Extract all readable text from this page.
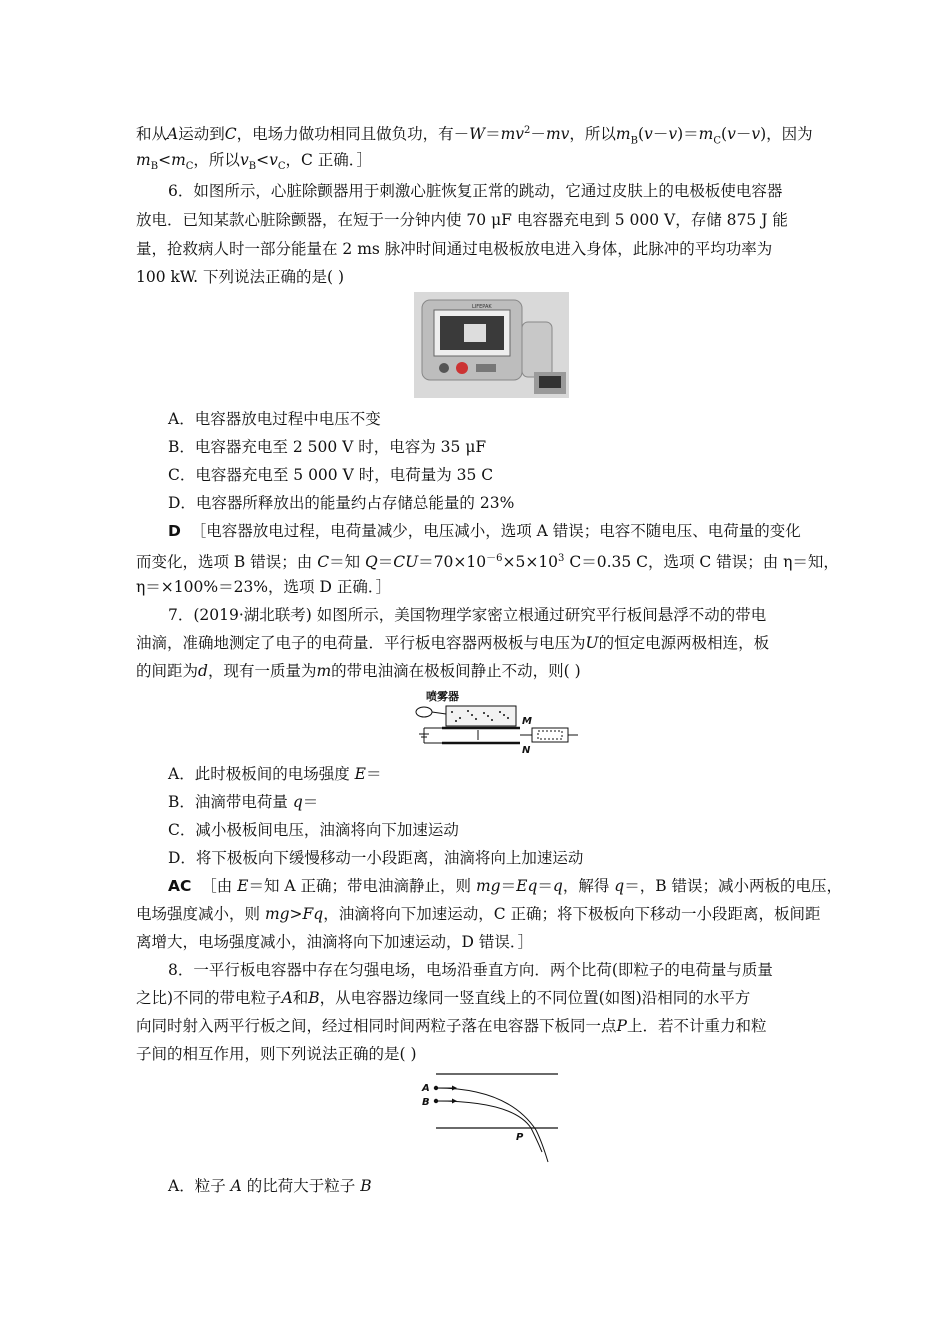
和从A运动到C，电场力做功相同且做负功，有$-W=mv^2-mv$，所以$m_B(v-v)=m_C(v-v)$，因为
$m_B<m_C$，所以$v_B<v_C$，C 正确．］
6．如图所示，心脏除颤器用于刺激心脏恢复正常的跳动，它通过皮肤上的电极板使电容器
放电．已知某款心脏除颤器，在短于一分钟内使 70 μF 电容器充电到 5 000 V，存储 875 J 能
量，抢救病人时一部分能量在 2 ms 脉冲时间通过电极板放电进入身体，此脉冲的平均功率为
100 kW. 下列说法正确的是( )
LIFEPAK
A．电容器放电过程中电压不变
B．电容器充电至 2 500 V 时，电容为 35 μF
C．电容器充电至 5 000 V 时，电荷量为 35 C
D．电容器所释放出的能量约占存储总能量的 23%
D ［电容器放电过程，电荷量减少，电压减小，选项 A 错误；电容不随电压、电荷量的变化
而变化，选项 B 错误；由 C＝知 $Q=CU=70\times 10^{-6}\times 5\times 10^3$ C＝0.35 C，选项 C 错误；由 η＝知，
η＝×100%＝23%，选项 D 正确．］
7．(2019·湖北联考) 如图所示，美国物理学家密立根通过研究平行板间悬浮不动的带电
油滴，准确地测定了电子的电荷量．平行板电容器两极板与电压为U的恒定电源两极相连，板
的间距为d，现有一质量为m的带电油滴在极板间静止不动，则( )
喷雾器
M
N
A．此时极板间的电场强度 E＝
B．油滴带电荷量 q＝
C．减小极板间电压，油滴将向下加速运动
D．将下极板向下缓慢移动一小段距离，油滴将向上加速运动
AC ［由 E＝知 A 正确；带电油滴静止，则 mg＝Eq＝q，解得 q＝，B 错误；减小两板的电压，
电场强度减小，则 mg>Fq，油滴将向下加速运动，C 正确；将下极板向下移动一小段距离，板间距
离增大，电场强度减小，油滴将向下加速运动，D 错误．］
8．一平行板电容器中存在匀强电场，电场沿垂直方向．两个比荷(即粒子的电荷量与质量
之比)不同的带电粒子A和B，从电容器边缘同一竖直线上的不同位置(如图)沿相同的水平方
向同时射入两平行板之间，经过相同时间两粒子落在电容器下板同一点P上．若不计重力和粒
子间的相互作用，则下列说法正确的是( )
A
B
P
A．粒子 A 的比荷大于粒子 B
